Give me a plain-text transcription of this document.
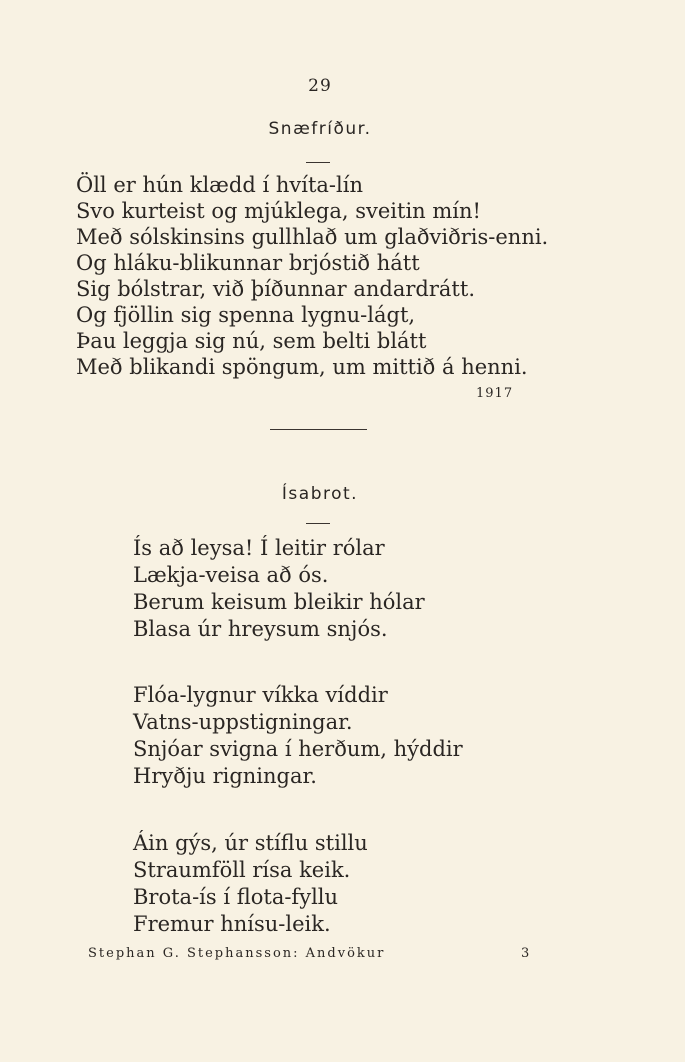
29
Snæfríður.
Öll er hún klædd í hvíta-lín
Svo kurteist og mjúklega, sveitin mín!
Með sólskinsins gullhlað um glaðviðris-enni.
Og hláku-blikunnar brjóstið hátt
Sig bólstrar, við þíðunnar andardrátt.
Og fjöllin sig spenna lygnu-lágt,
Þau leggja sig nú, sem belti blátt
Með blikandi spöngum, um mittið á henni.
1917
Ísabrot.
Ís að leysa! Í leitir rólar
Lækja-veisa að ós.
Berum keisum bleikir hólar
Blasa úr hreysum snjós.
Flóa-lygnur víkka víddir
Vatns-uppstigningar.
Snjóar svigna í herðum, hýddir
Hryðju rigningar.
Áin gýs, úr stíflu stillu
Straumföll rísa keik.
Brota-ís í flota-fyllu
Fremur hnísu-leik.
Stephan G. Stephansson: Andvökur	3
